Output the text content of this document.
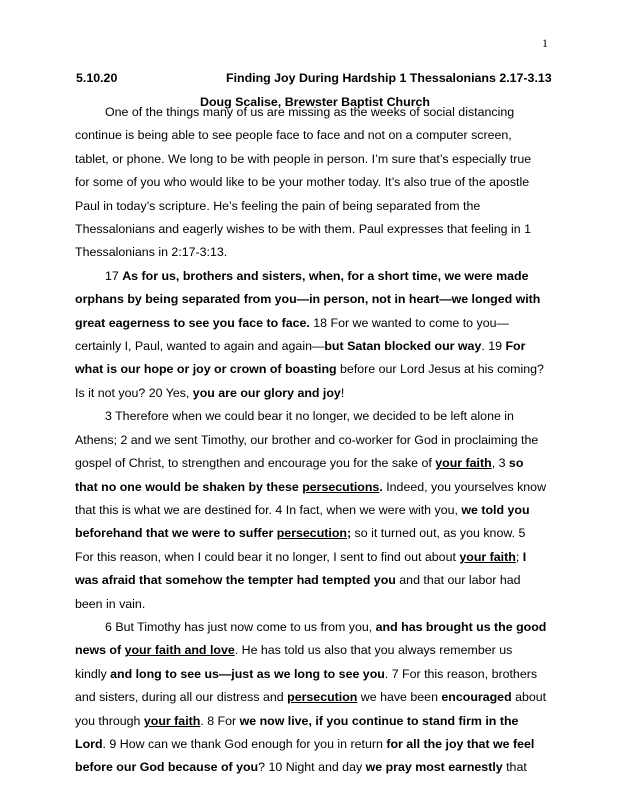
1
5.10.20	Finding Joy During Hardship 1 Thessalonians 2.17-3.13
Doug Scalise, Brewster Baptist Church

One of the things many of us are missing as the weeks of social distancing continue is being able to see people face to face and not on a computer screen, tablet, or phone. We long to be with people in person. I’m sure that’s especially true for some of you who would like to be your mother today. It’s also true of the apostle Paul in today’s scripture. He’s feeling the pain of being separated from the Thessalonians and eagerly wishes to be with them. Paul expresses that feeling in 1 Thessalonians in 2:17-3:13.

17 As for us, brothers and sisters, when, for a short time, we were made orphans by being separated from you—in person, not in heart—we longed with great eagerness to see you face to face. 18 For we wanted to come to you—certainly I, Paul, wanted to again and again—but Satan blocked our way. 19 For what is our hope or joy or crown of boasting before our Lord Jesus at his coming? Is it not you? 20 Yes, you are our glory and joy!

3 Therefore when we could bear it no longer, we decided to be left alone in Athens; 2 and we sent Timothy, our brother and co-worker for God in proclaiming the gospel of Christ, to strengthen and encourage you for the sake of your faith, 3 so that no one would be shaken by these persecutions. Indeed, you yourselves know that this is what we are destined for. 4 In fact, when we were with you, we told you beforehand that we were to suffer persecution; so it turned out, as you know. 5 For this reason, when I could bear it no longer, I sent to find out about your faith; I was afraid that somehow the tempter had tempted you and that our labor had been in vain.

6 But Timothy has just now come to us from you, and has brought us the good news of your faith and love. He has told us also that you always remember us kindly and long to see us—just as we long to see you. 7 For this reason, brothers and sisters, during all our distress and persecution we have been encouraged about you through your faith. 8 For we now live, if you continue to stand firm in the Lord. 9 How can we thank God enough for you in return for all the joy that we feel before our God because of you? 10 Night and day we pray most earnestly that
